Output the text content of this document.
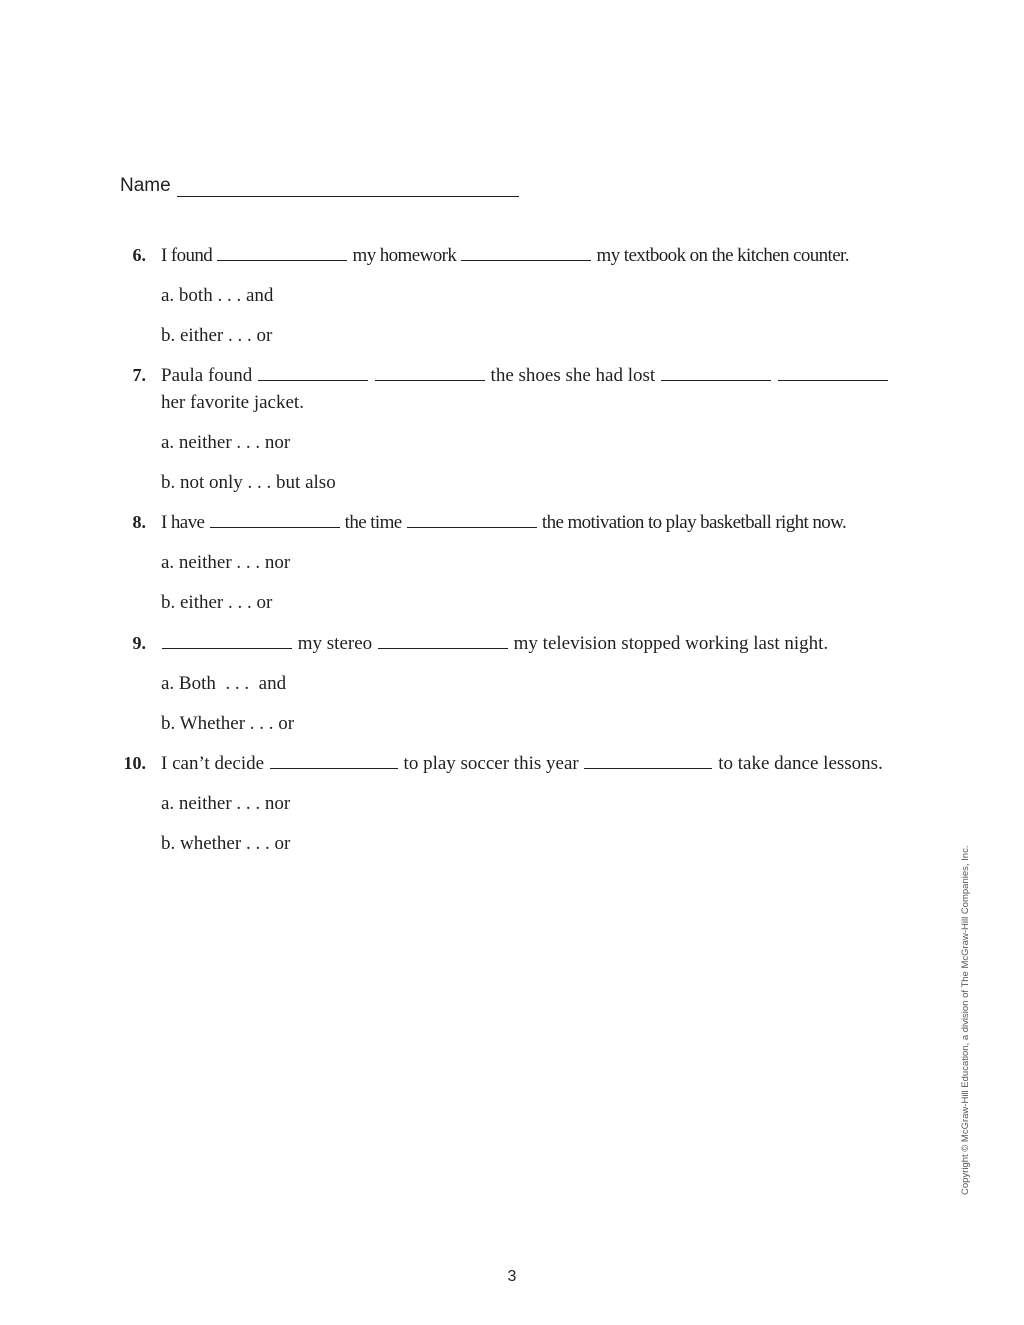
Name
6. I found	my homework	my textbook on the kitchen counter.
a. both . . . and
b. either . . . or
7. Paula found	the shoes she had lost
her favorite jacket.
a. neither . . . nor
b. not only . . . but also
8. I have	the time	the motivation to play basketball right now.
a. neither . . . nor
b. either . . . or
9.	my stereo	my television stopped working last night.
a. Both  . . .  and
b. Whether . . . or
10. I can’t decide	to play soccer this year	to take dance lessons.
a. neither . . . nor
b. whether . . . or
Copyright © McGraw-Hill Education, a division of The McGraw-Hill Companies, Inc.
3
